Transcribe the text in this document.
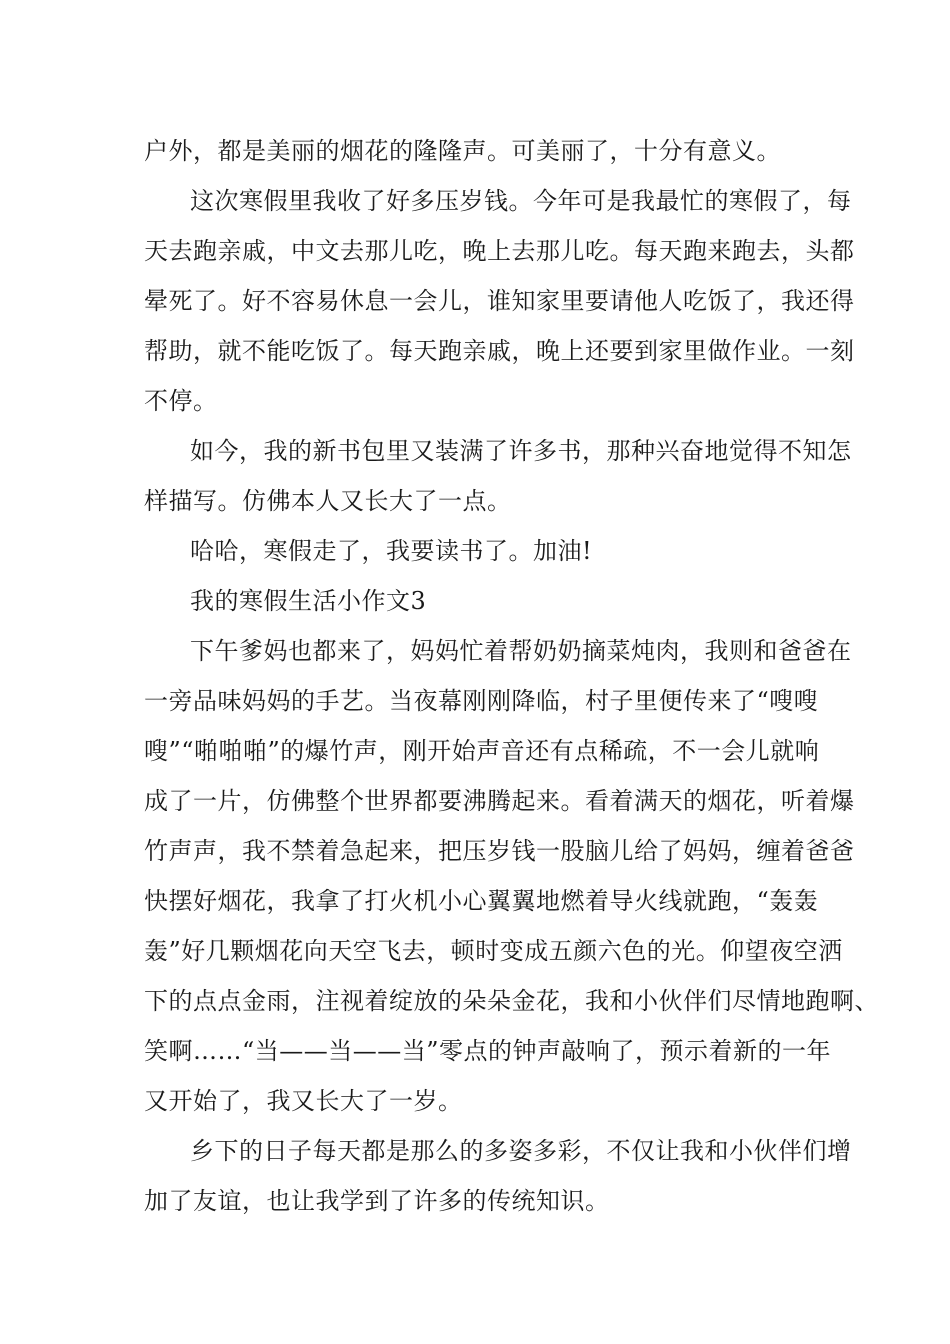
户外，都是美丽的烟花的隆隆声。可美丽了，十分有意义。
这次寒假里我收了好多压岁钱。今年可是我最忙的寒假了，每
天去跑亲戚，中文去那儿吃，晚上去那儿吃。每天跑来跑去，头都
晕死了。好不容易休息一会儿，谁知家里要请他人吃饭了，我还得
帮助，就不能吃饭了。每天跑亲戚，晚上还要到家里做作业。一刻
不停。
如今，我的新书包里又装满了许多书，那种兴奋地觉得不知怎
样描写。仿佛本人又长大了一点。
哈哈，寒假走了，我要读书了。加油!
我的寒假生活小作文3
下午爹妈也都来了，妈妈忙着帮奶奶摘菜炖肉，我则和爸爸在
一旁品味妈妈的手艺。当夜幕刚刚降临，村子里便传来了“嗖嗖
嗖”“啪啪啪”的爆竹声，刚开始声音还有点稀疏，不一会儿就响
成了一片，仿佛整个世界都要沸腾起来。看着满天的烟花，听着爆
竹声声，我不禁着急起来，把压岁钱一股脑儿给了妈妈，缠着爸爸
快摆好烟花，我拿了打火机小心翼翼地燃着导火线就跑，“轰轰
轰”好几颗烟花向天空飞去，顿时变成五颜六色的光。仰望夜空洒
下的点点金雨，注视着绽放的朵朵金花，我和小伙伴们尽情地跑啊、
笑啊……“当——当——当”零点的钟声敲响了，预示着新的一年
又开始了，我又长大了一岁。
乡下的日子每天都是那么的多姿多彩，不仅让我和小伙伴们增
加了友谊，也让我学到了许多的传统知识。
